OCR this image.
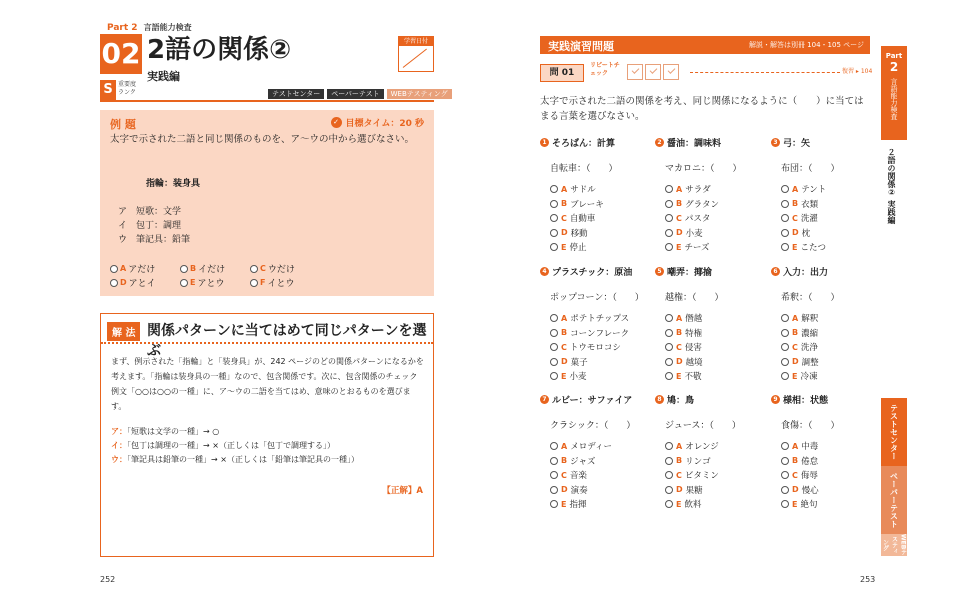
Part 2 言語能力検査
02 2語の関係②
実践編
学習日付
S 重要度ランク	テストセンター	ペーパーテスト	WEBテスティング
例 題	✓ 目標タイム：20 秒
太字で示された二語と同じ関係のものを、ア～ウの中から選びなさい。
指輪：装身具
ア　短歌：文学
イ　包丁：調理
ウ　筆記具：鉛筆
A アだけ	B イだけ	C ウだけ
D アとイ	E アとウ	F イとウ
解 法 関係パターンに当てはめて同じパターンを選ぶ
まず、例示された「指輪」と「装身具」が、242 ページのどの関係パターンになるかを考えます。「指輪は装身具の一種」なので、包含関係です。次に、包含関係のチェック例文「○○は○○の一種」に、ア～ウの二語を当てはめ、意味のとおるものを選びます。
ア：「短歌は文学の一種」→ ○
イ：「包丁は調理の一種」→ ×（正しくは「包丁で調理する」）
ウ：「筆記具は鉛筆の一種」→ ×（正しくは「鉛筆は筆記具の一種」）
【正解】A
252
実践演習問題	解説・解答は別冊 104・105 ページ
問 01
リピートチェック	復習 ▸ 104
太字で示された二語の関係を考え、同じ関係になるように（　　）に当てはまる言葉を選びなさい。
1 そろばん：計算
自転車：（　　）
A サドル
B ブレーキ
C 自動車
D 移動
E 停止
2 醤油：調味料
マカロニ：（　　）
A サラダ
B グラタン
C パスタ
D 小麦
E チーズ
3 弓：矢
布団：（　　）
A テント
B 衣類
C 洗濯
D 枕
E こたつ
4 プラスチック：原油
ポップコーン：（　　）
A ポテトチップス
B コーンフレーク
C トウモロコシ
D 菓子
E 小麦
5 嘲弄：揶揄
越権：（　　）
A 僭越
B 特権
C 侵害
D 越境
E 不敬
6 入力：出力
希釈：（　　）
A 解釈
B 濃縮
C 洗浄
D 調整
E 冷凍
7 ルビー：サファイア
クラシック：（　　）
A メロディー
B ジャズ
C 音楽
D 演奏
E 指揮
8 鳩：鳥
ジュース：（　　）
A オレンジ
B リンゴ
C ビタミン
D 果糖
E 飲料
9 様相：状態
食傷：（　　）
A 中毒
B 倦怠
C 侮辱
D 慢心
E 絶句
Part
2
言語能力検査
２語の関係② 実践編
テストセンター
ペーパーテスト
WEBテスティング
253
